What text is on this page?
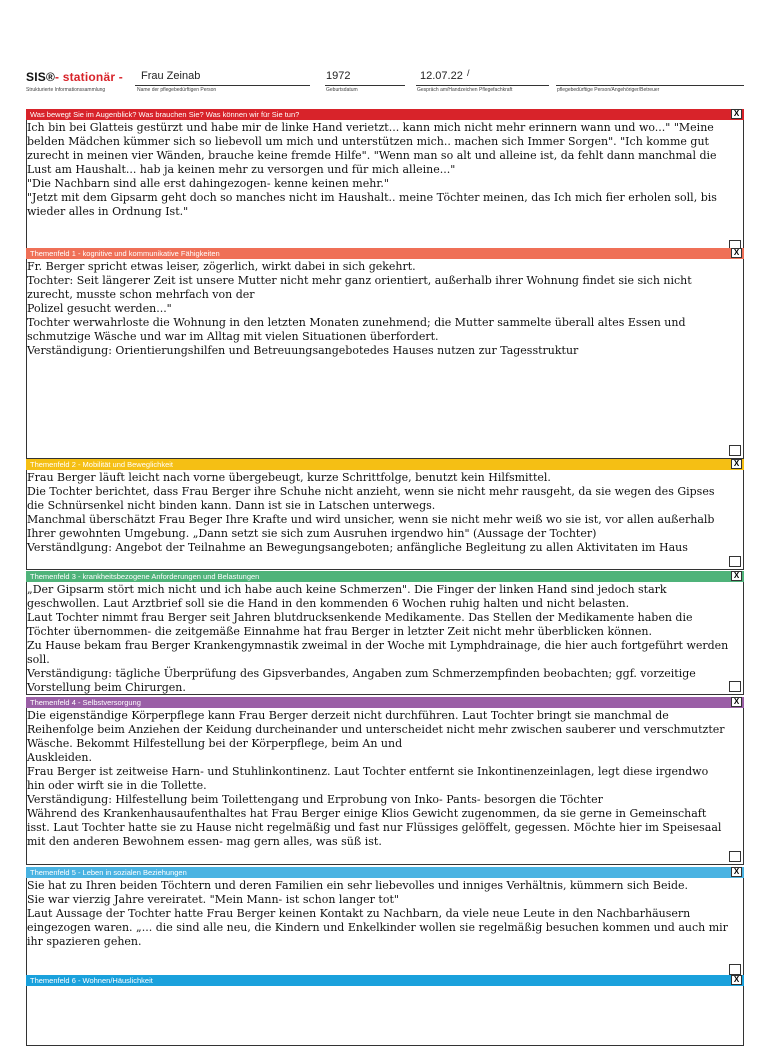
SIS®- stationär -
Strukturierte Informationssammlung
Frau Zeinab
Name der pflegebedürftigen Person
1972
Geburtsdatum
12.07.22 /
Gespräch am/Handzeichen Pflegefachkraft	pflegebedürftige Person/Angehöriger/Betreuer
Was bewegt Sie im Augenblick? Was brauchen Sie? Was können wir für Sie tun?	X

Ich bin bei Glatteis gestürzt und habe mir de linke Hand verietzt... kann mich nicht mehr erinnern wann und wo..." "Meine belden Mädchen kümmer sich so liebevoll um mich und unterstützen mich.. machen sich Immer Sorgen". "Ich komme gut zurecht in meinen vier Wänden, brauche keine fremde Hilfe". "Wenn man so alt und alleine ist, da fehlt dann manchmal die Lust am Haushalt... hab ja keinen mehr zu versorgen und für mich alleine..."
"Die Nachbarn sind alle erst dahingezogen- kenne keinen mehr."
"Jetzt mit dem Gipsarm geht doch so manches nicht im Haushalt.. meine Töchter meinen, das Ich mich fier erholen soll, bis wieder alles in Ordnung Ist."

Themenfeld 1 - kognitive und kommunikative Fähigkeiten	X

Fr. Berger spricht etwas leiser, zögerlich, wirkt dabei in sich gekehrt.
Tochter: Seit längerer Zeit ist unsere Mutter nicht mehr ganz orientiert, außerhalb ihrer Wohnung findet sie sich nicht zurecht, musste schon mehrfach von der
Polizel gesucht werden..."
Tochter werwahrloste die Wohnung in den letzten Monaten zunehmend; die Mutter sammelte überall altes Essen und schmutzige Wäsche und war im Alltag mit vielen Situationen überfordert.
Verständigung: Orientierungshilfen und Betreuungsangebotedes Hauses nutzen zur Tagesstruktur

Themenfeld 2 - Mobilität und Beweglichkeit	X

Frau Berger läuft leicht nach vorne übergebeugt, kurze Schrittfolge, benutzt kein Hilfsmittel.
Die Tochter berichtet, dass Frau Berger ihre Schuhe nicht anzieht, wenn sie nicht mehr rausgeht, da sie wegen des Gipses die Schnürsenkel nicht binden kann. Dann ist sie in Latschen unterwegs.
Manchmal überschätzt Frau Beger Ihre Krafte und wird unsicher, wenn sie nicht mehr weiß wo sie ist, vor allen außerhalb Ihrer gewohnten Umgebung. „Dann setzt sie sich zum Ausruhen irgendwo hin" (Aussage der Tochter)
Verständlgung: Angebot der Teilnahme an Bewegungsangeboten; anfängliche Begleitung zu allen Aktivitaten im Haus

Themenfeld 3 - krankheitsbezogene Anforderungen und Belastungen	X

„Der Gipsarm stört mich nicht und ich habe auch keine Schmerzen". Die Finger der linken Hand sind jedoch stark geschwollen. Laut Arztbrief soll sie die Hand in den kommenden 6 Wochen ruhig halten und nicht belasten.
Laut Tochter nimmt frau Berger seit Jahren blutdrucksenkende Medikamente. Das Stellen der Medikamente haben die Töchter übernommen- die zeitgemäße Einnahme hat frau Berger in letzter Zeit nicht mehr überblicken können.
Zu Hause bekam frau Berger Krankengymnastik zweimal in der Woche mit Lymphdrainage, die hier auch fortgeführt werden soll.
Verständigung: tägliche Überprüfung des Gipsverbandes, Angaben zum Schmerzempfinden beobachten; ggf. vorzeitige Vorstellung beim Chirurgen.

Themenfeld 4 - Selbstversorgung	X

Die eigenständige Körperpflege kann Frau Berger derzeit nicht durchführen. Laut Tochter bringt sie manchmal de Reihenfolge beim Anziehen der Keidung durcheinander und unterscheidet nicht mehr zwischen sauberer und verschmutzter Wäsche. Bekommt Hilfestellung bei der Körperpflege, beim An und
Auskleiden.
Frau Berger ist zeitweise Harn- und Stuhlinkontinenz. Laut Tochter entfernt sie Inkontinenzeinlagen, legt diese irgendwo hin oder wirft sie in die Tollette.
Verständigung: Hilfestellung beim Toilettengang und Erprobung von Inko- Pants- besorgen die Töchter
Während des Krankenhausaufenthaltes hat Frau Berger einige Klios Gewicht zugenommen, da sie gerne in Gemeinschaft isst. Laut Tochter hatte sie zu Hause nicht regelmäßig und fast nur Flüssiges gelöffelt, gegessen. Möchte hier im Speisesaal mit den anderen Bewohnem essen- mag gern alles, was süß ist.

Themenfeld 5 - Leben in sozialen Beziehungen	X

Sie hat zu Ihren beiden Töchtern und deren Familien ein sehr liebevolles und inniges Verhältnis, kümmern sich Beide.
Sie war vierzig Jahre vereiratet. "Mein Mann- ist schon langer tot"
Laut Aussage der Tochter hatte Frau Berger keinen Kontakt zu Nachbarn, da viele neue Leute in den Nachbarhäusern eingezogen waren. „... die sind alle neu, die Kindern und Enkelkinder wollen sie regelmäßig besuchen kommen und auch mir ihr spazieren gehen.

Themenfeld 6 - Wohnen/Häuslichkeit	X
